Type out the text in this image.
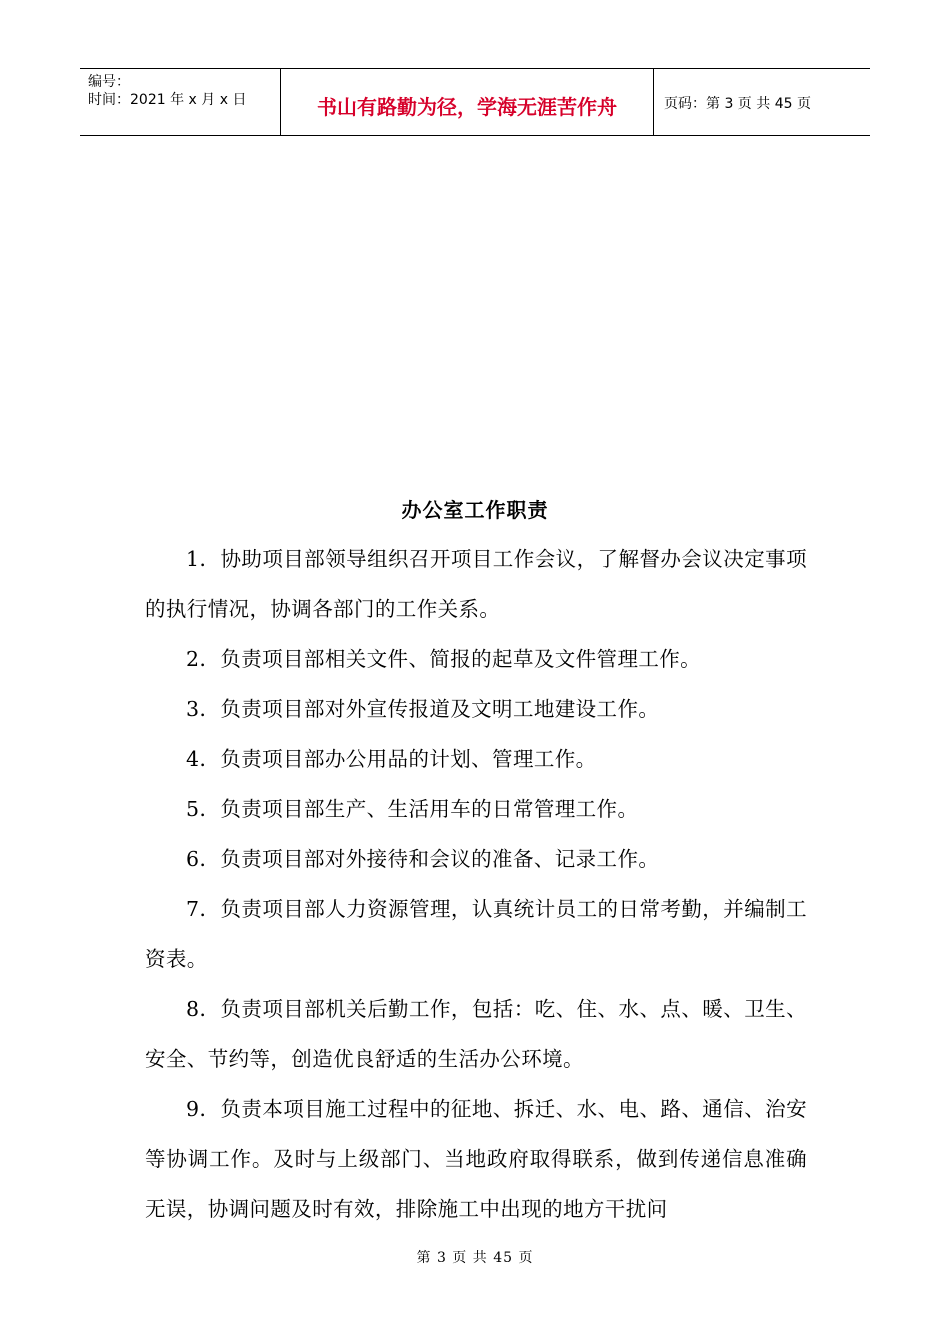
编号：
时间：2021 年 x 月 x 日	书山有路勤为径，学海无涯苦作舟	页码：第 3 页 共 45 页
办公室工作职责

1．协助项目部领导组织召开项目工作会议，了解督办会议决定事项的执行情况，协调各部门的工作关系。

2．负责项目部相关文件、简报的起草及文件管理工作。

3．负责项目部对外宣传报道及文明工地建设工作。

4．负责项目部办公用品的计划、管理工作。

5．负责项目部生产、生活用车的日常管理工作。

6．负责项目部对外接待和会议的准备、记录工作。

7．负责项目部人力资源管理，认真统计员工的日常考勤，并编制工资表。

8．负责项目部机关后勤工作，包括：吃、住、水、点、暖、卫生、安全、节约等，创造优良舒适的生活办公环境。

9．负责本项目施工过程中的征地、拆迁、水、电、路、通信、治安等协调工作。及时与上级部门、当地政府取得联系，做到传递信息准确无误，协调问题及时有效，排除施工中出现的地方干扰问

第 3 页 共 45 页
